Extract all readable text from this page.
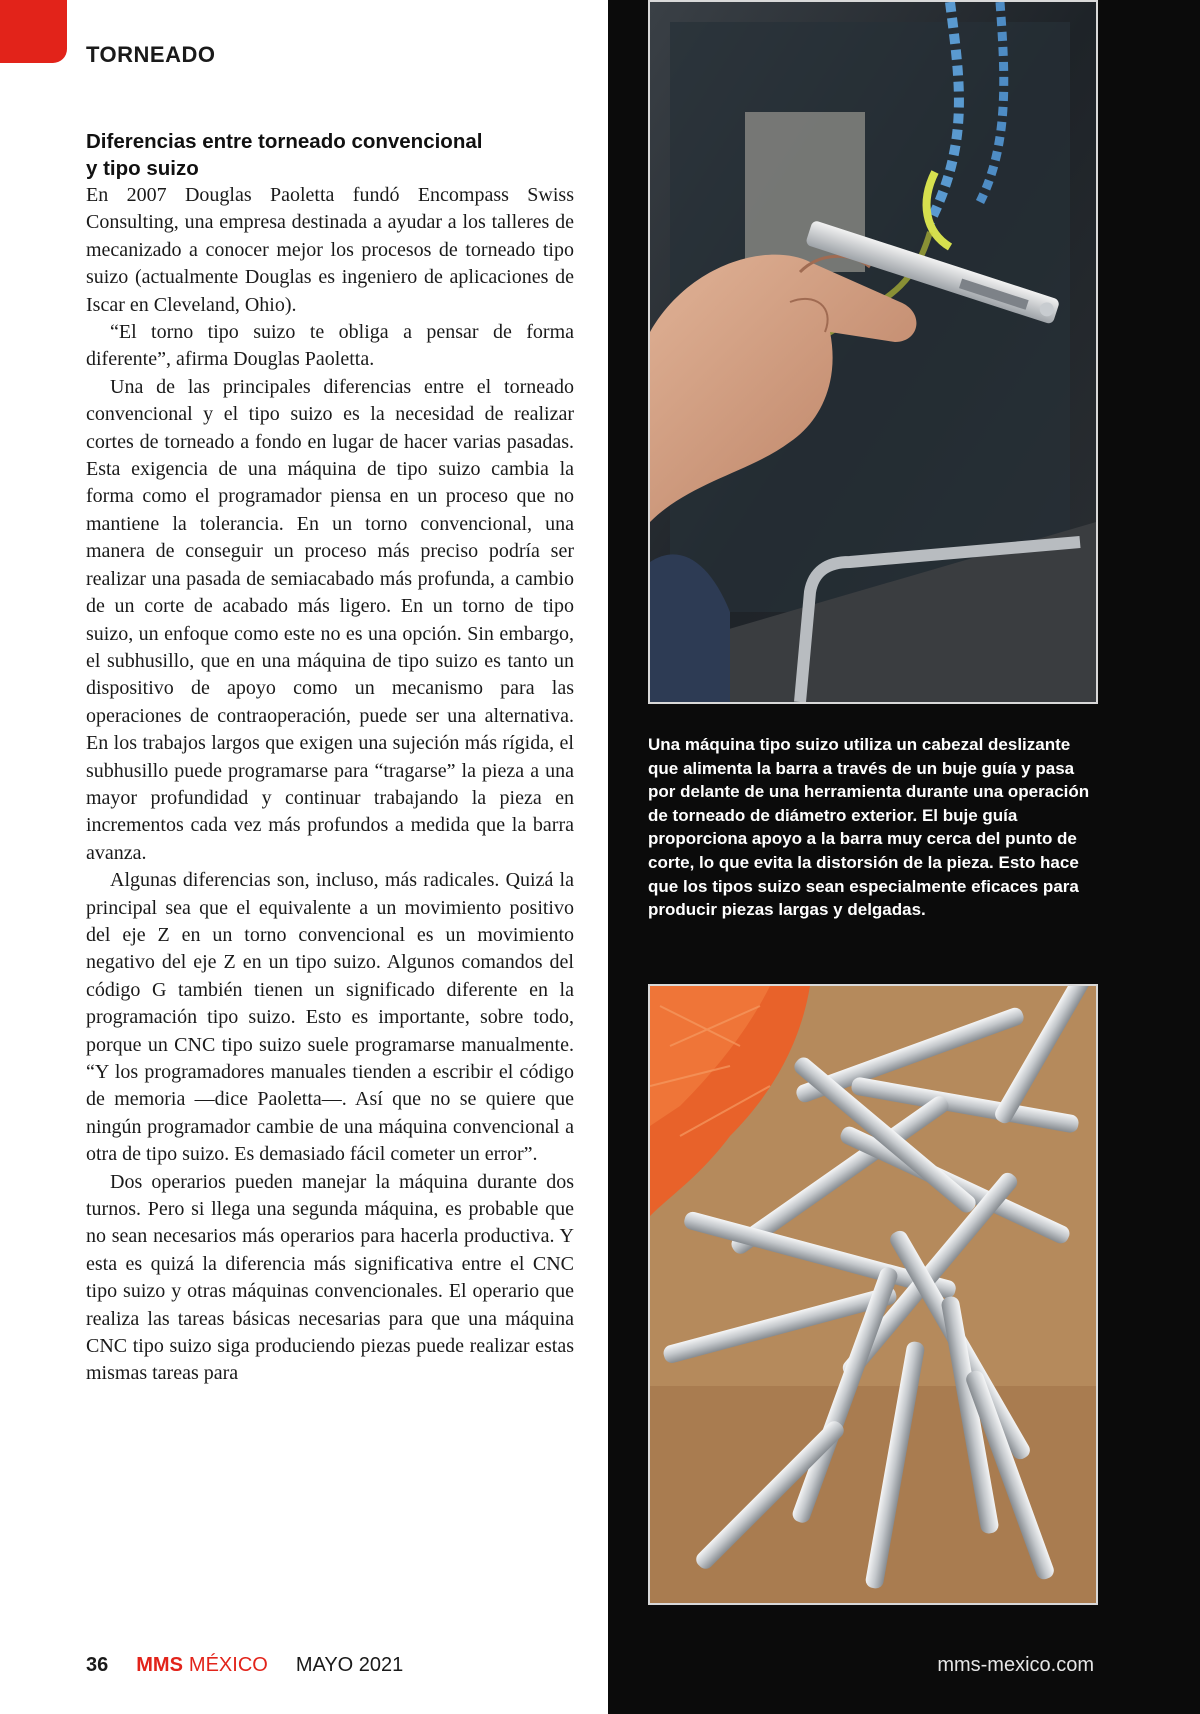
TORNEADO
Diferencias entre torneado convencional
y tipo suizo

En 2007 Douglas Paoletta fundó Encompass Swiss Consulting, una empresa destinada a ayudar a los talleres de mecanizado a conocer mejor los procesos de torneado tipo suizo (actualmente Douglas es ingeniero de aplicaciones de Iscar en Cleveland, Ohio).

“El torno tipo suizo te obliga a pensar de forma diferente”, afirma Douglas Paoletta.

Una de las principales diferencias entre el torneado convencional y el tipo suizo es la necesidad de realizar cortes de torneado a fondo en lugar de hacer varias pasadas. Esta exigencia de una máquina de tipo suizo cambia la forma como el programador piensa en un proceso que no mantiene la tolerancia. En un torno convencional, una manera de conseguir un proceso más preciso podría ser realizar una pasada de semiacabado más profunda, a cambio de un corte de acabado más ligero. En un torno de tipo suizo, un enfoque como este no es una opción. Sin embargo, el subhusillo, que en una máquina de tipo suizo es tanto un dispositivo de apoyo como un mecanismo para las operaciones de contraoperación, puede ser una alternativa. En los trabajos largos que exigen una sujeción más rígida, el subhusillo puede programarse para “tragarse” la pieza a una mayor profundidad y continuar trabajando la pieza en incrementos cada vez más profundos a medida que la barra avanza.

Algunas diferencias son, incluso, más radicales. Quizá la principal sea que el equivalente a un movimiento positivo del eje Z en un torno convencional es un movimiento negativo del eje Z en un tipo suizo. Algunos comandos del código G también tienen un significado diferente en la programación tipo suizo. Esto es importante, sobre todo, porque un CNC tipo suizo suele programarse manualmente. “Y los programadores manuales tienden a escribir el código de memoria —dice Paoletta—. Así que no se quiere que ningún programador cambie de una máquina convencional a otra de tipo suizo. Es demasiado fácil cometer un error”.

Dos operarios pueden manejar la máquina durante dos turnos. Pero si llega una segunda máquina, es probable que no sean necesarios más operarios para hacerla productiva. Y esta es quizá la diferencia más significativa entre el CNC tipo suizo y otras máquinas convencionales. El operario que realiza las tareas básicas necesarias para que una máquina CNC tipo suizo siga produciendo piezas puede realizar estas mismas tareas para

Una máquina tipo suizo utiliza un cabezal deslizante que alimenta la barra a través de un buje guía y pasa por delante de una herramienta durante una operación de torneado de diámetro exterior. El buje guía proporciona apoyo a la barra muy cerca del punto de corte, lo que evita la distorsión de la pieza. Esto hace que los tipos suizo sean especialmente eficaces para producir piezas largas y delgadas.

36 MMS MÉXICO MAYO 2021	mms-mexico.com
